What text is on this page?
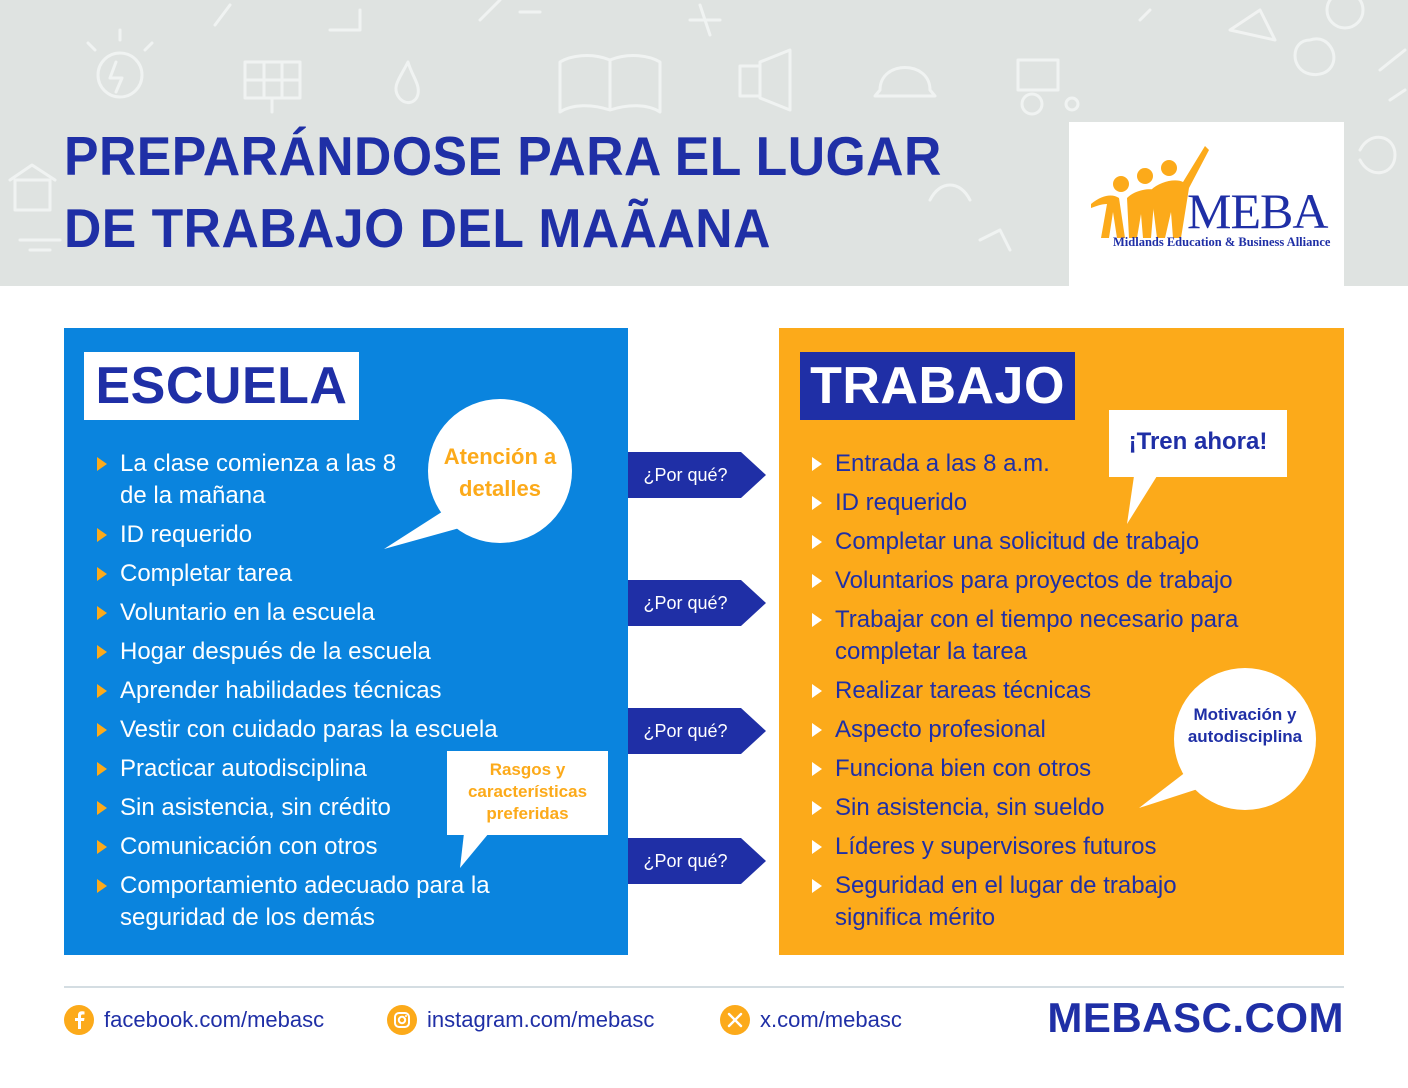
PREPARÁNDOSE PARA EL LUGAR
DE TRABAJO DEL MAÃANA	MEBA
Midlands Education & Business Alliance
ESCUELA
La clase comienza a las 8 de la mañana
ID requerido
Completar tarea
Voluntario en la escuela
Hogar después de la escuela
Aprender habilidades técnicas
Vestir con cuidado paras la escuela
Practicar autodisciplina
Sin asistencia, sin crédito
Comunicación con otros
Comportamiento adecuado para la seguridad de los demás
Atención a detalles
Rasgos y características preferidas
¿Por qué?
¿Por qué?
¿Por qué?
¿Por qué?
TRABAJO
Entrada a las 8 a.m.
ID requerido
Completar una solicitud de trabajo
Voluntarios para proyectos de trabajo
Trabajar con el tiempo necesario para completar la tarea
Realizar tareas técnicas
Aspecto profesional
Funciona bien con otros
Sin asistencia, sin sueldo
Líderes y supervisores futuros
Seguridad en el lugar de trabajo significa mérito
¡Tren ahora!
Motivación y autodisciplina
facebook.com/mebasc	instagram.com/mebasc	x.com/mebasc	MEBASC.COM
